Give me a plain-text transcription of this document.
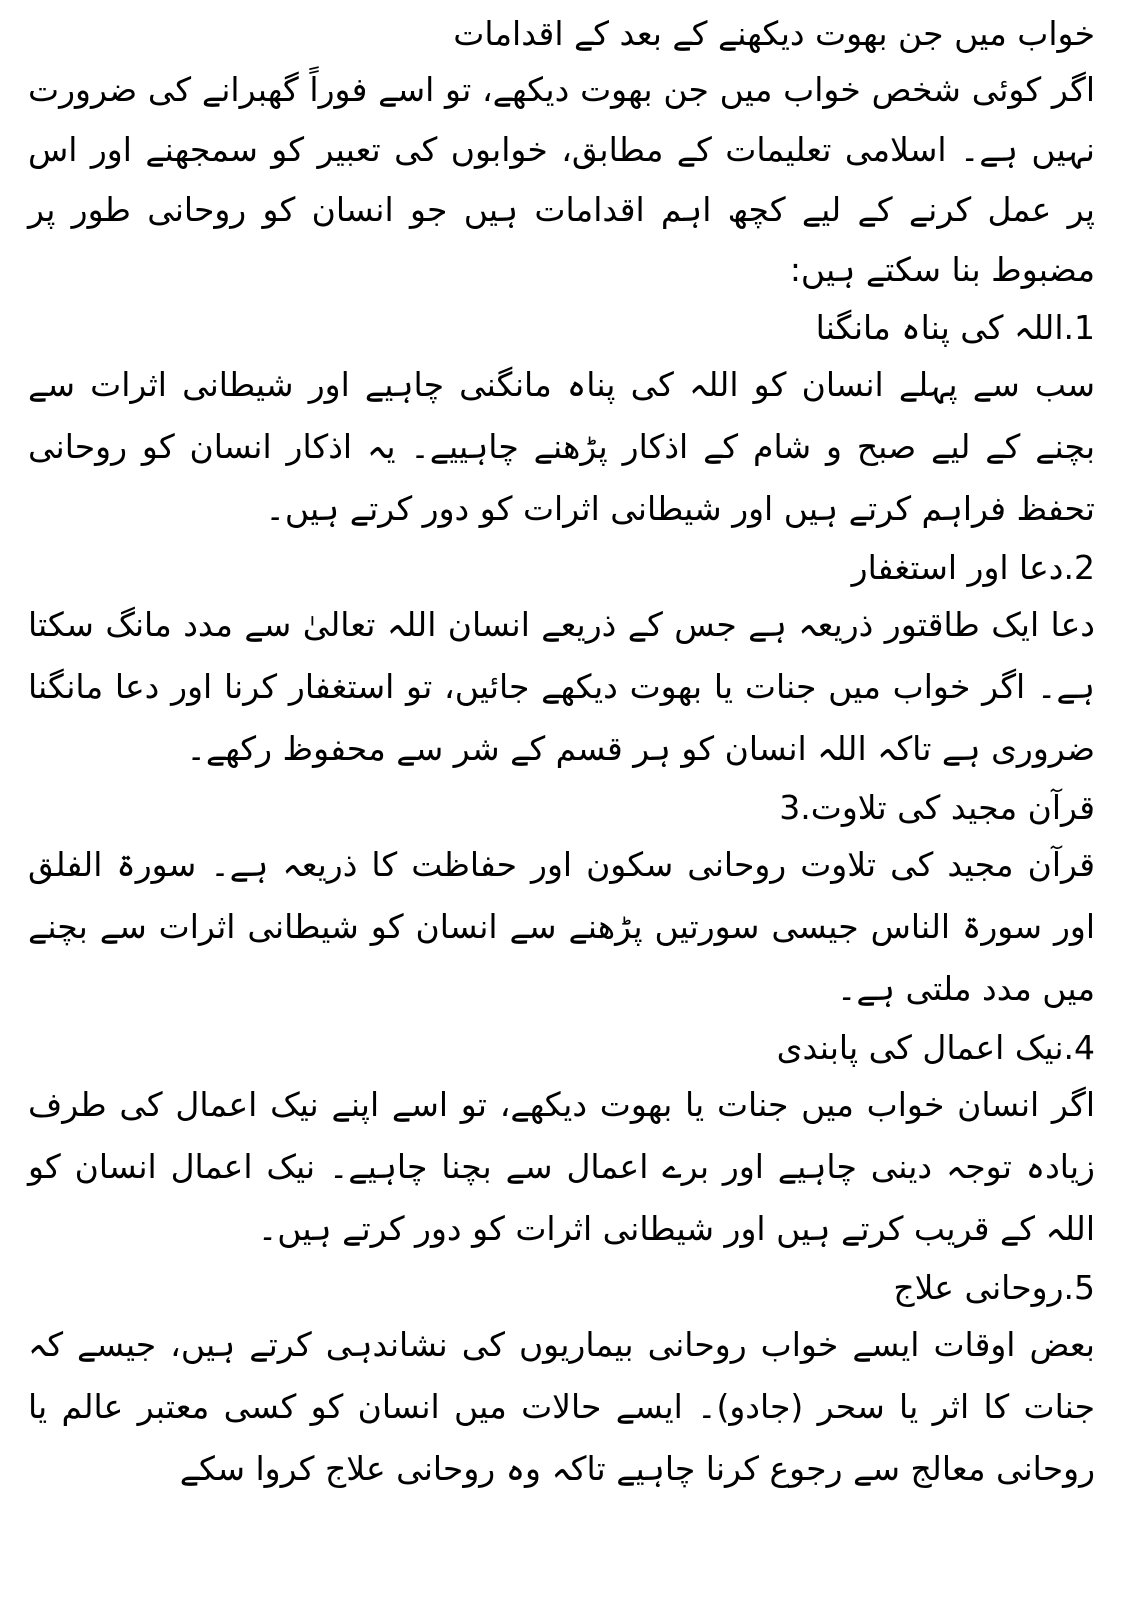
خواب میں جن بھوت دیکھنے کے بعد کے اقدامات

اگر کوئی شخص خواب میں جن بھوت دیکھے، تو اسے فوراً گھبرانے کی ضرورت نہیں ہے۔ اسلامی تعلیمات کے مطابق، خوابوں کی تعبیر کو سمجھنے اور اس پر عمل کرنے کے لیے کچھ اہم اقدامات ہیں جو انسان کو روحانی طور پر مضبوط بنا سکتے ہیں:

1.اللہ کی پناہ مانگنا

سب سے پہلے انسان کو اللہ کی پناہ مانگنی چاہیے اور شیطانی اثرات سے بچنے کے لیے صبح و شام کے اذکار پڑھنے چاہییے۔ یہ اذکار انسان کو روحانی تحفظ فراہم کرتے ہیں اور شیطانی اثرات کو دور کرتے ہیں۔

2.دعا اور استغفار

دعا ایک طاقتور ذریعہ ہے جس کے ذریعے انسان اللہ تعالیٰ سے مدد مانگ سکتا ہے۔ اگر خواب میں جنات یا بھوت دیکھے جائیں، تو استغفار کرنا اور دعا مانگنا ضروری ہے تاکہ اللہ انسان کو ہر قسم کے شر سے محفوظ رکھے۔

قرآن مجید کی تلاوت.3

قرآن مجید کی تلاوت روحانی سکون اور حفاظت کا ذریعہ ہے۔ سورۃ الفلق اور سورۃ الناس جیسی سورتیں پڑھنے سے انسان کو شیطانی اثرات سے بچنے میں مدد ملتی ہے۔

4.نیک اعمال کی پابندی

اگر انسان خواب میں جنات یا بھوت دیکھے، تو اسے اپنے نیک اعمال کی طرف زیادہ توجہ دینی چاہیے اور برے اعمال سے بچنا چاہیے۔ نیک اعمال انسان کو اللہ کے قریب کرتے ہیں اور شیطانی اثرات کو دور کرتے ہیں۔

5.روحانی علاج

بعض اوقات ایسے خواب روحانی بیماریوں کی نشاندہی کرتے ہیں، جیسے کہ جنات کا اثر یا سحر (جادو)۔ ایسے حالات میں انسان کو کسی معتبر عالم یا روحانی معالج سے رجوع کرنا چاہیے تاکہ وہ روحانی علاج کروا سکے
